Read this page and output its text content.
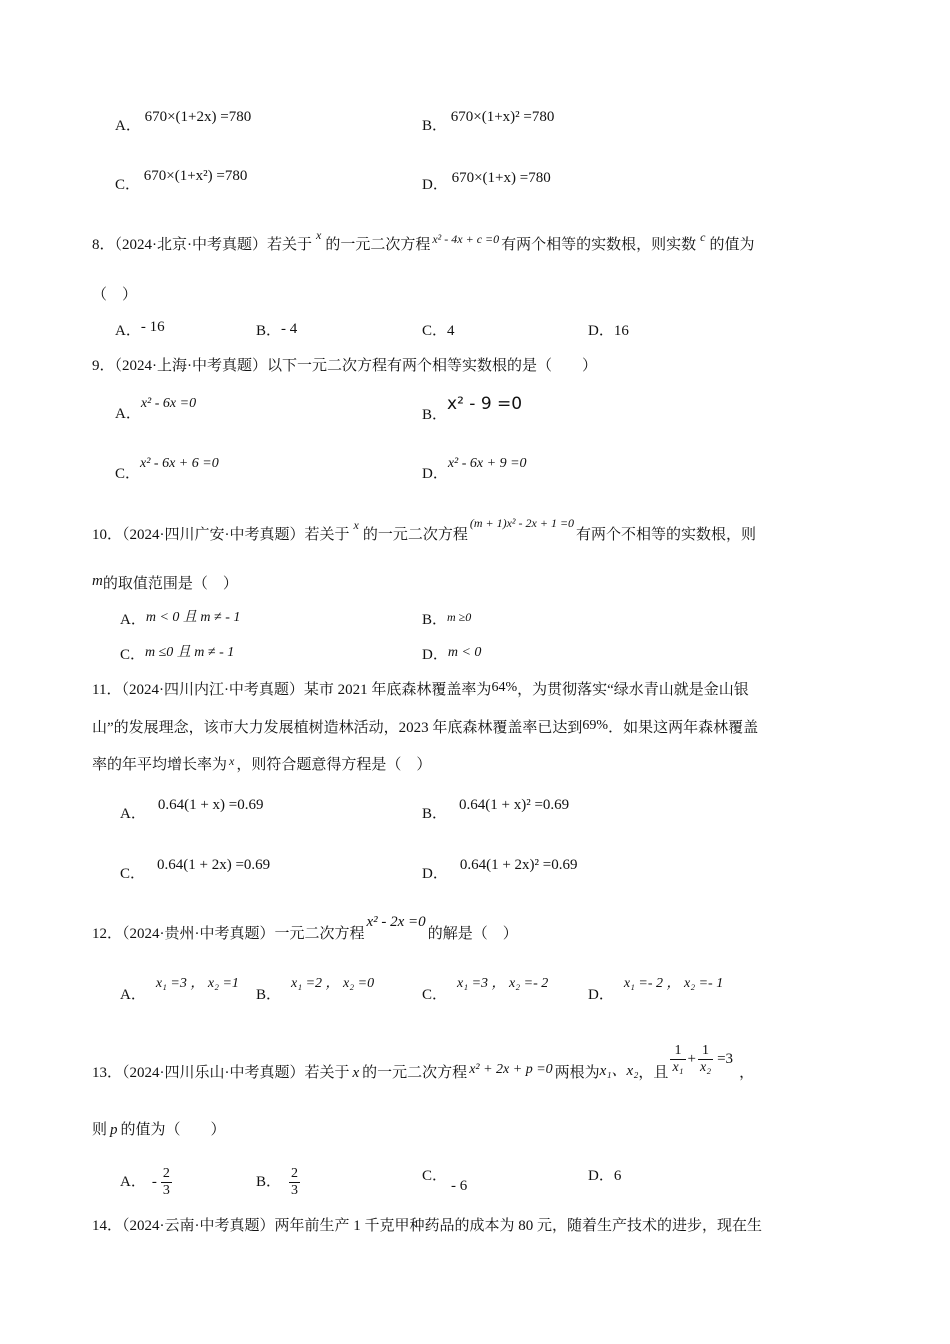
A． 670×(1+2x) =780
B． 670×(1+x)² =780
C． 670×(1+x²) =780
D． 670×(1+x) =780
8．（2024·北京·中考真题）若关于$^x$的一元二次方程 $^{x^2 - 4x + c =0}$ 有两个相等的实数根，则实数 $^c$ 的值为
（　）
A．- 16	B．- 4	C．4	D．16
9．（2024·上海·中考真题）以下一元二次方程有两个相等实数根的是（　　）
A．x² - 6x =0
B．x² - 9 =0
C．x² - 6x + 6 =0
D．x² - 6x + 9 =0
10．（2024·四川广安·中考真题）若关于$^x$的一元二次方程$^{(m + 1)x^2 - 2x + 1 =0}$有两个不相等的实数根，则
m的取值范围是（　）
A．m < 0 且 m ≠ - 1	B．$^{m \ge 0}$
C．m ≤0 且 m ≠ - 1	D．m < 0
11．（2024·四川内江·中考真题）某市 2021 年底森林覆盖率为64%，为贯彻落实“绿水青山就是金山银
山”的发展理念，该市大力发展植树造林活动，2023 年底森林覆盖率已达到69%．如果这两年森林覆盖
率的年平均增长率为 $^x$ ，则符合题意得方程是（　）
A．0.64(1 + x) =0.69
B．0.64(1 + x)² =0.69
C．0.64(1 + 2x) =0.69
D．0.64(1 + 2x)² =0.69
12．（2024·贵州·中考真题）一元二次方程x² - 2x =0的解是（　）
A．x₁ =3 ， x₂ =1
B．x₁ =2 ， x₂ =0
C．x₁ =3 ， x₂ =- 2
D．x₁ =- 2 ， x₂ =- 1
13．（2024·四川乐山·中考真题）若关于 x 的一元二次方程 x² + 2x + p =0 两根为x₁、x₂，且 $\frac{1}{\text{x₁}} + \frac{1}{\text{x₂}} =3$，
则 p 的值为（　　）
A． - $\frac{2}{3}$	B． $\frac{2}{3}$	C．- 6
D．6
14．（2024·云南·中考真题）两年前生产 1 千克甲种药品的成本为 80 元，随着生产技术的进步，现在生
